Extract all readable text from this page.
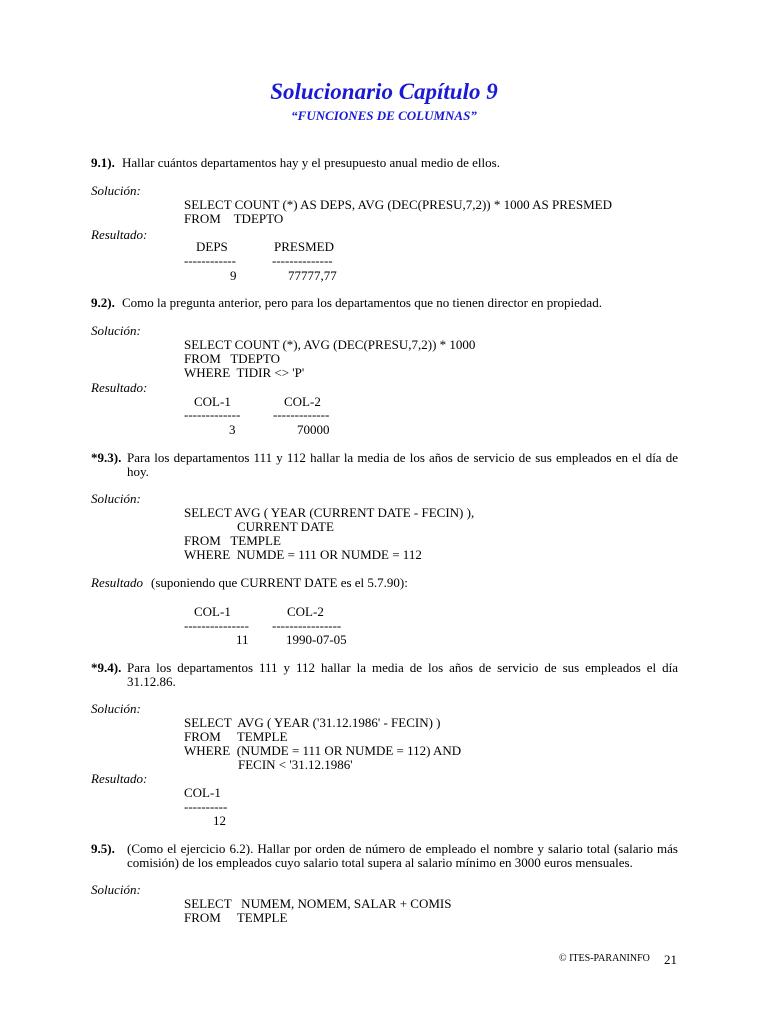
Solucionario Capítulo 9
“FUNCIONES DE COLUMNAS”
9.1). Hallar cuántos departamentos hay y el presupuesto anual medio de ellos.
Solución:
SELECT COUNT (*) AS DEPS, AVG (DEC(PRESU,7,2)) * 1000 AS PRESMED
FROM    TDEPTO
Resultado:
DEPS	PRESMED
------------	--------------
9	77777,77
9.2). Como la pregunta anterior, pero para los departamentos que no tienen director en propiedad.
Solución:
SELECT COUNT (*), AVG (DEC(PRESU,7,2)) * 1000
FROM   TDEPTO
WHERE  TIDIR <> 'P'
Resultado:
COL-1	COL-2
-------------	-------------
3	70000
*9.3). Para los departamentos 111 y 112 hallar la media de los años de servicio de sus empleados en el día de hoy.
Solución:
SELECT AVG ( YEAR (CURRENT DATE - FECIN) ),
CURRENT DATE
FROM   TEMPLE
WHERE  NUMDE = 111 OR NUMDE = 112
Resultado (suponiendo que CURRENT DATE es el 5.7.90):
COL-1	COL-2
--------------- ----------------
11	1990-07-05
*9.4). Para los departamentos 111 y 112 hallar la media de los años de servicio de sus empleados el día 31.12.86.
Solución:
SELECT  AVG ( YEAR ('31.12.1986' - FECIN) )
FROM     TEMPLE
WHERE  (NUMDE = 111 OR NUMDE = 112) AND
FECIN < '31.12.1986'
Resultado:
COL-1
----------
12
9.5). (Como el ejercicio 6.2). Hallar por orden de número de empleado el nombre y salario total (salario más comisión) de los empleados cuyo salario total supera al salario mínimo en 3000 euros mensuales.
Solución:
SELECT   NUMEM, NOMEM, SALAR + COMIS
FROM     TEMPLE
© ITES-PARANINFO 21
